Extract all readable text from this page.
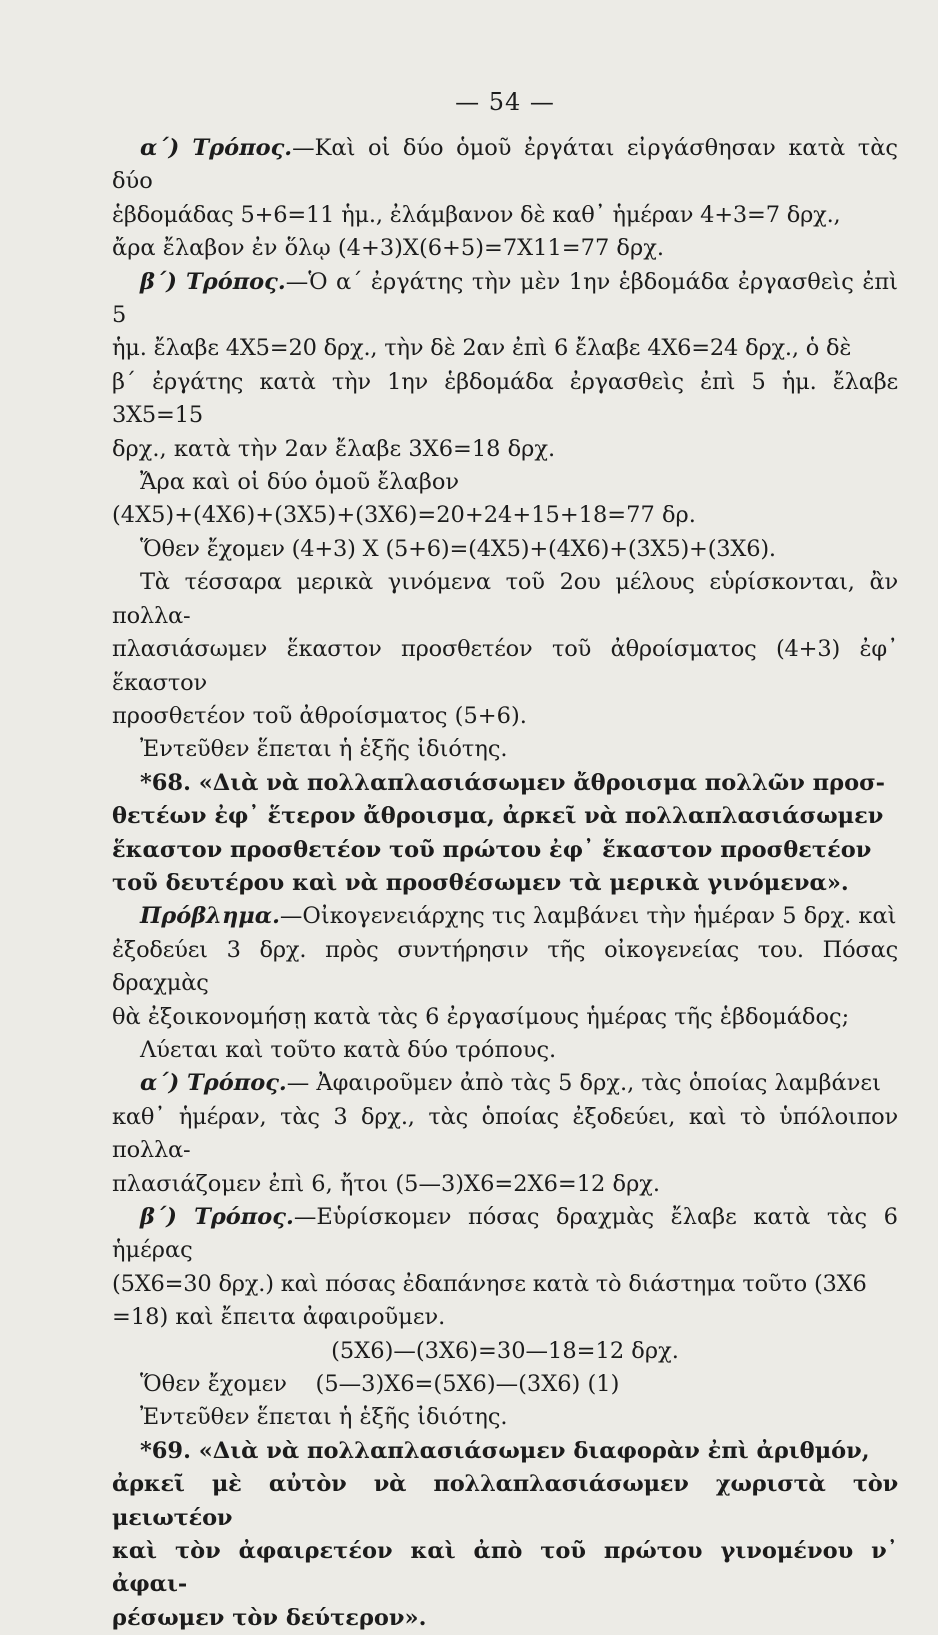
— 54 —

α΄) Τρόπος.—Καὶ οἱ δύο ὁμοῦ ἐργάται εἰργάσθησαν κατὰ τὰς δύο

ἑβδομάδας 5+6=11 ἡμ., ἐλάμβανον δὲ καθ᾽ ἡμέραν 4+3=7 δρχ.,

ἄρα ἔλαβον ἐν ὅλῳ (4+3)X(6+5)=7X11=77 δρχ.

β΄) Τρόπος.—Ὁ α΄ ἐργάτης τὴν μὲν 1ην ἑβδομάδα ἐργασθεὶς ἐπὶ 5

ἡμ. ἔλαβε 4X5=20 δρχ., τὴν δὲ 2αν ἐπὶ 6 ἔλαβε 4X6=24 δρχ., ὁ δὲ

β΄ ἐργάτης κατὰ τὴν 1ην ἑβδομάδα ἐργασθεὶς ἐπὶ 5 ἡμ. ἔλαβε 3X5=15

δρχ., κατὰ τὴν 2αν ἔλαβε 3X6=18 δρχ.

Ἄρα καὶ οἱ δύο ὁμοῦ ἔλαβον

(4X5)+(4X6)+(3X5)+(3X6)=20+24+15+18=77 δρ.

Ὅθεν ἔχομεν (4+3) X (5+6)=(4X5)+(4X6)+(3X5)+(3X6).

Τὰ τέσσαρα μερικὰ γινόμενα τοῦ 2ου μέλους εὑρίσκονται, ἂν πολλα-

πλασιάσωμεν ἕκαστον προσθετέον τοῦ ἀθροίσματος (4+3) ἐφ᾽ ἕκαστον

προσθετέον τοῦ ἀθροίσματος (5+6).

Ἐντεῦθεν ἕπεται ἡ ἑξῆς ἰδιότης.

*68. «Διὰ νὰ πολλαπλασιάσωμεν ἄθροισμα πολλῶν προσ-

θετέων ἐφ᾽ ἕτερον ἄθροισμα, ἀρκεῖ νὰ πολλαπλασιάσωμεν

ἕκαστον προσθετέον τοῦ πρώτου ἐφ᾽ ἕκαστον προσθετέον

τοῦ δευτέρου καὶ νὰ προσθέσωμεν τὰ μερικὰ γινόμενα».

Πρόβλημα.—Οἰκογενειάρχης τις λαμβάνει τὴν ἡμέραν 5 δρχ. καὶ

ἐξοδεύει 3 δρχ. πρὸς συντήρησιν τῆς οἰκογενείας του. Πόσας δραχμὰς

θὰ ἐξοικονομήσῃ κατὰ τὰς 6 ἐργασίμους ἡμέρας τῆς ἑβδομάδος;

Λύεται καὶ τοῦτο κατὰ δύο τρόπους.

α΄) Τρόπος.— Ἀφαιροῦμεν ἀπὸ τὰς 5 δρχ., τὰς ὁποίας λαμβάνει

καθ᾽ ἡμέραν, τὰς 3 δρχ., τὰς ὁποίας ἐξοδεύει, καὶ τὸ ὑπόλοιπον πολλα-

πλασιάζομεν ἐπὶ 6, ἤτοι (5—3)X6=2X6=12 δρχ.

β΄) Τρόπος.—Εὑρίσκομεν πόσας δραχμὰς ἔλαβε κατὰ τὰς 6 ἡμέρας

(5X6=30 δρχ.) καὶ πόσας ἐδαπάνησε κατὰ τὸ διάστημα τοῦτο (3X6

=18) καὶ ἔπειτα ἀφαιροῦμεν.

(5X6)—(3X6)=30—18=12 δρχ.

Ὅθεν ἔχομεν    (5—3)X6=(5X6)—(3X6) (1)

Ἐντεῦθεν ἕπεται ἡ ἑξῆς ἰδιότης.

*69. «Διὰ νὰ πολλαπλασιάσωμεν διαφορὰν ἐπὶ ἀριθμόν,

ἀρκεῖ μὲ αὐτὸν νὰ πολλαπλασιάσωμεν χωριστὰ τὸν μειωτέον

καὶ τὸν ἀφαιρετέον καὶ ἀπὸ τοῦ πρώτου γινομένου ν᾽ ἀφαι-

ρέσωμεν τὸν δεύτερον».
